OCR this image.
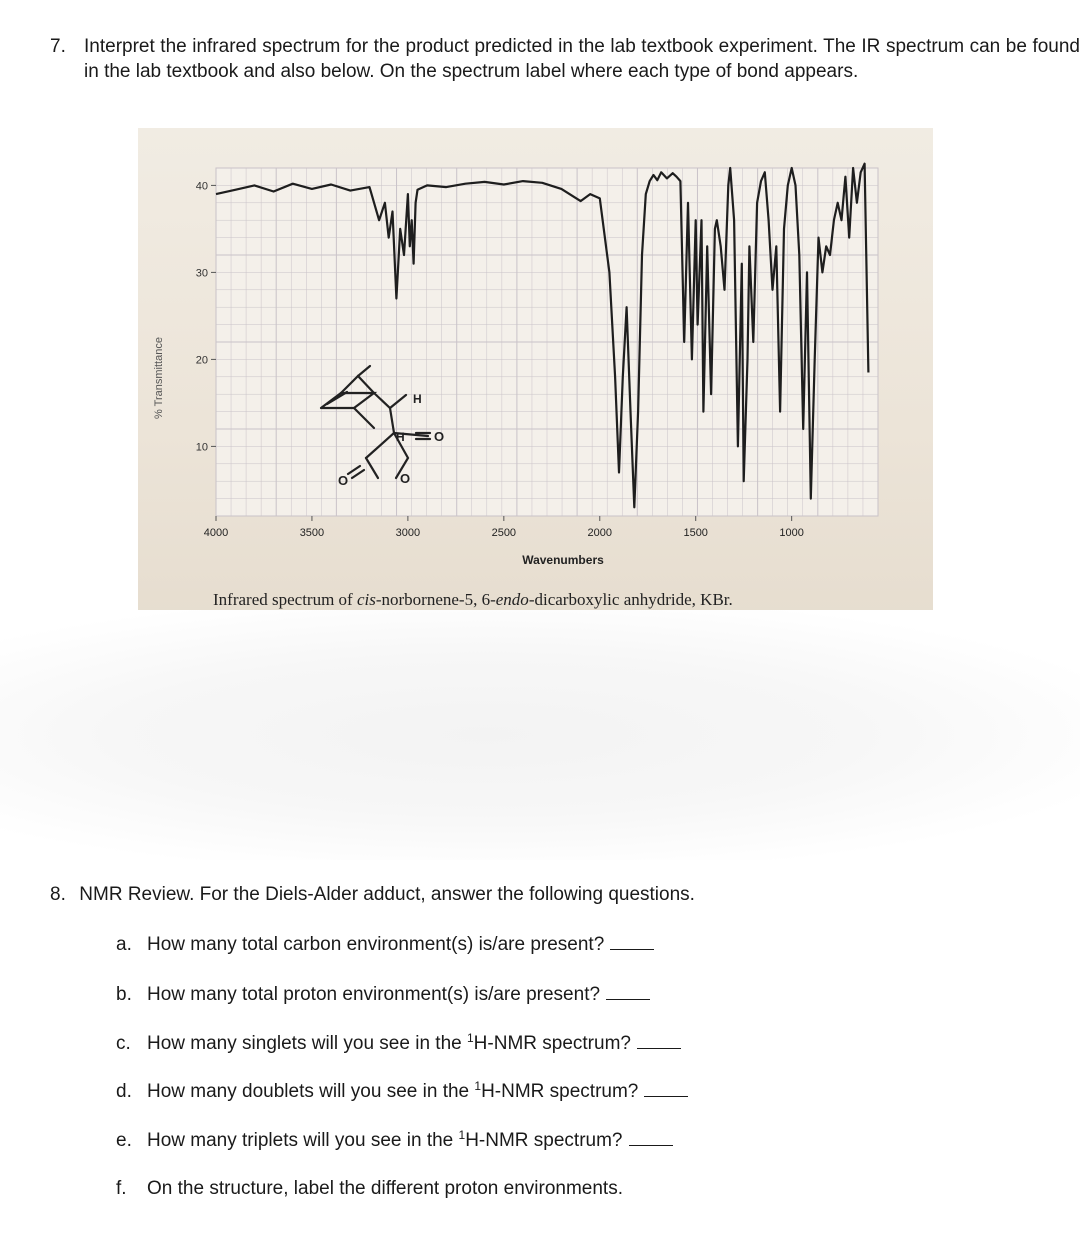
7. Interpret the infrared spectrum for the product predicted in the lab textbook experiment. The IR spectrum can be found in the lab textbook and also below. On the spectrum label where each type of bond appears.
40
30
20
10
4000	3500	3000	2500	2000	1500	1000
% Transmittance
Wavenumbers
H
H O
O	O
Infrared spectrum of cis-norbornene-5, 6-endo-dicarboxylic anhydride, KBr.
8. NMR Review. For the Diels-Alder adduct, answer the following questions.
a. How many total carbon environment(s) is/are present?
b. How many total proton environment(s) is/are present?
c. How many singlets will you see in the $^1$H-NMR spectrum?
d. How many doublets will you see in the $^1$H-NMR spectrum?
e. How many triplets will you see in the $^1$H-NMR spectrum?
f. On the structure, label the different proton environments.
